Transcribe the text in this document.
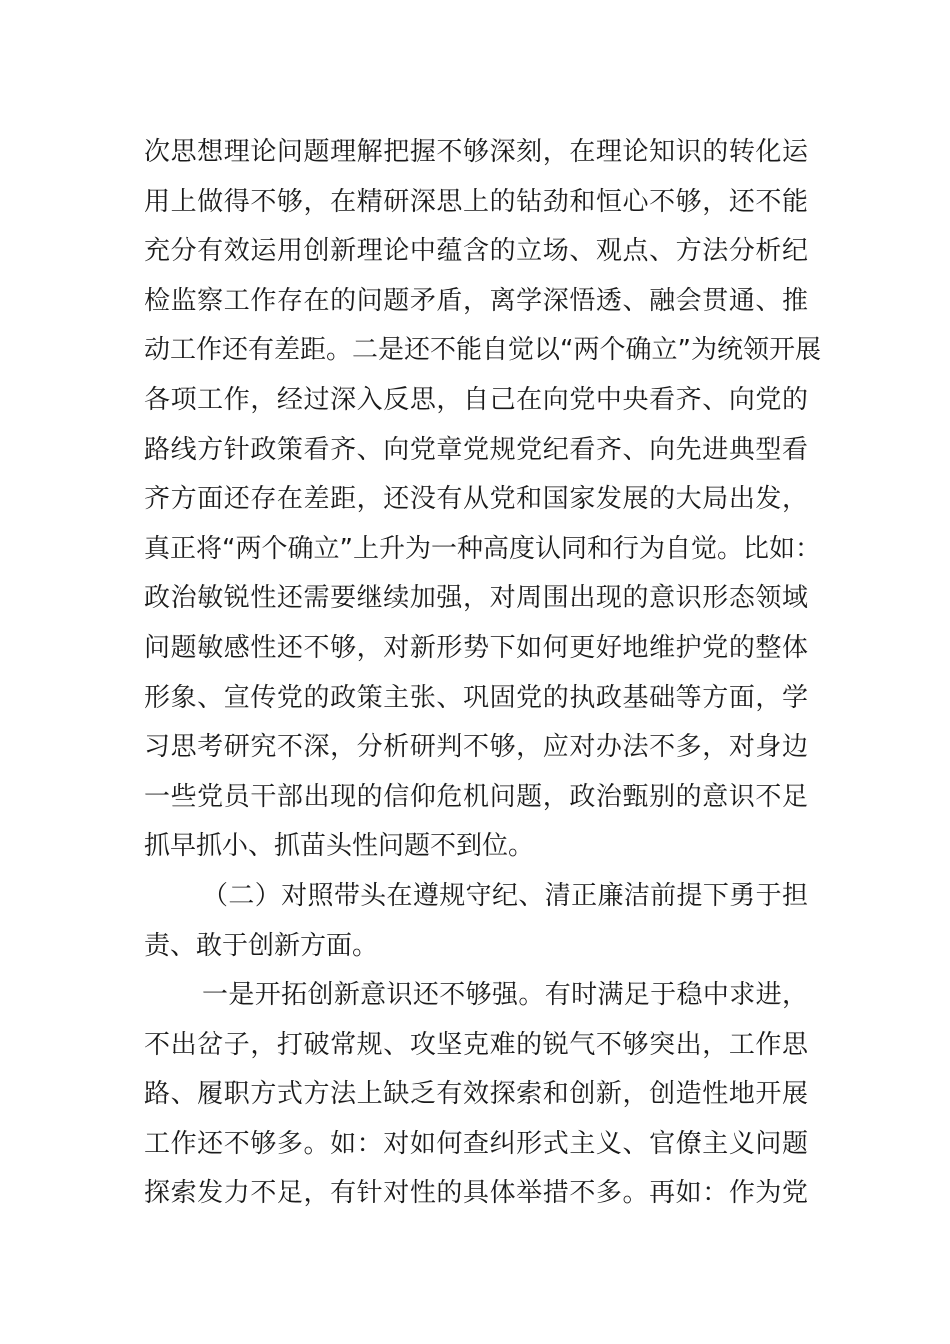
次思想理论问题理解把握不够深刻，在理论知识的转化运
用上做得不够，在精研深思上的钻劲和恒心不够，还不能
充分有效运用创新理论中蕴含的立场、观点、方法分析纪
检监察工作存在的问题矛盾，离学深悟透、融会贯通、推
动工作还有差距。二是还不能自觉以“两个确立”为统领开展
各项工作，经过深入反思，自己在向党中央看齐、向党的
路线方针政策看齐、向党章党规党纪看齐、向先进典型看
齐方面还存在差距，还没有从党和国家发展的大局出发，
真正将“两个确立”上升为一种高度认同和行为自觉。比如：
政治敏锐性还需要继续加强，对周围出现的意识形态领域
问题敏感性还不够，对新形势下如何更好地维护党的整体
形象、宣传党的政策主张、巩固党的执政基础等方面，学
习思考研究不深，分析研判不够，应对办法不多，对身边
一些党员干部出现的信仰危机问题，政治甄别的意识不足
抓早抓小、抓苗头性问题不到位。
（二）对照带头在遵规守纪、清正廉洁前提下勇于担
责、敢于创新方面。
一是开拓创新意识还不够强。有时满足于稳中求进，
不出岔子，打破常规、攻坚克难的锐气不够突出，工作思
路、履职方式方法上缺乏有效探索和创新，创造性地开展
工作还不够多。如：对如何查纠形式主义、官僚主义问题
探索发力不足，有针对性的具体举措不多。再如：作为党
